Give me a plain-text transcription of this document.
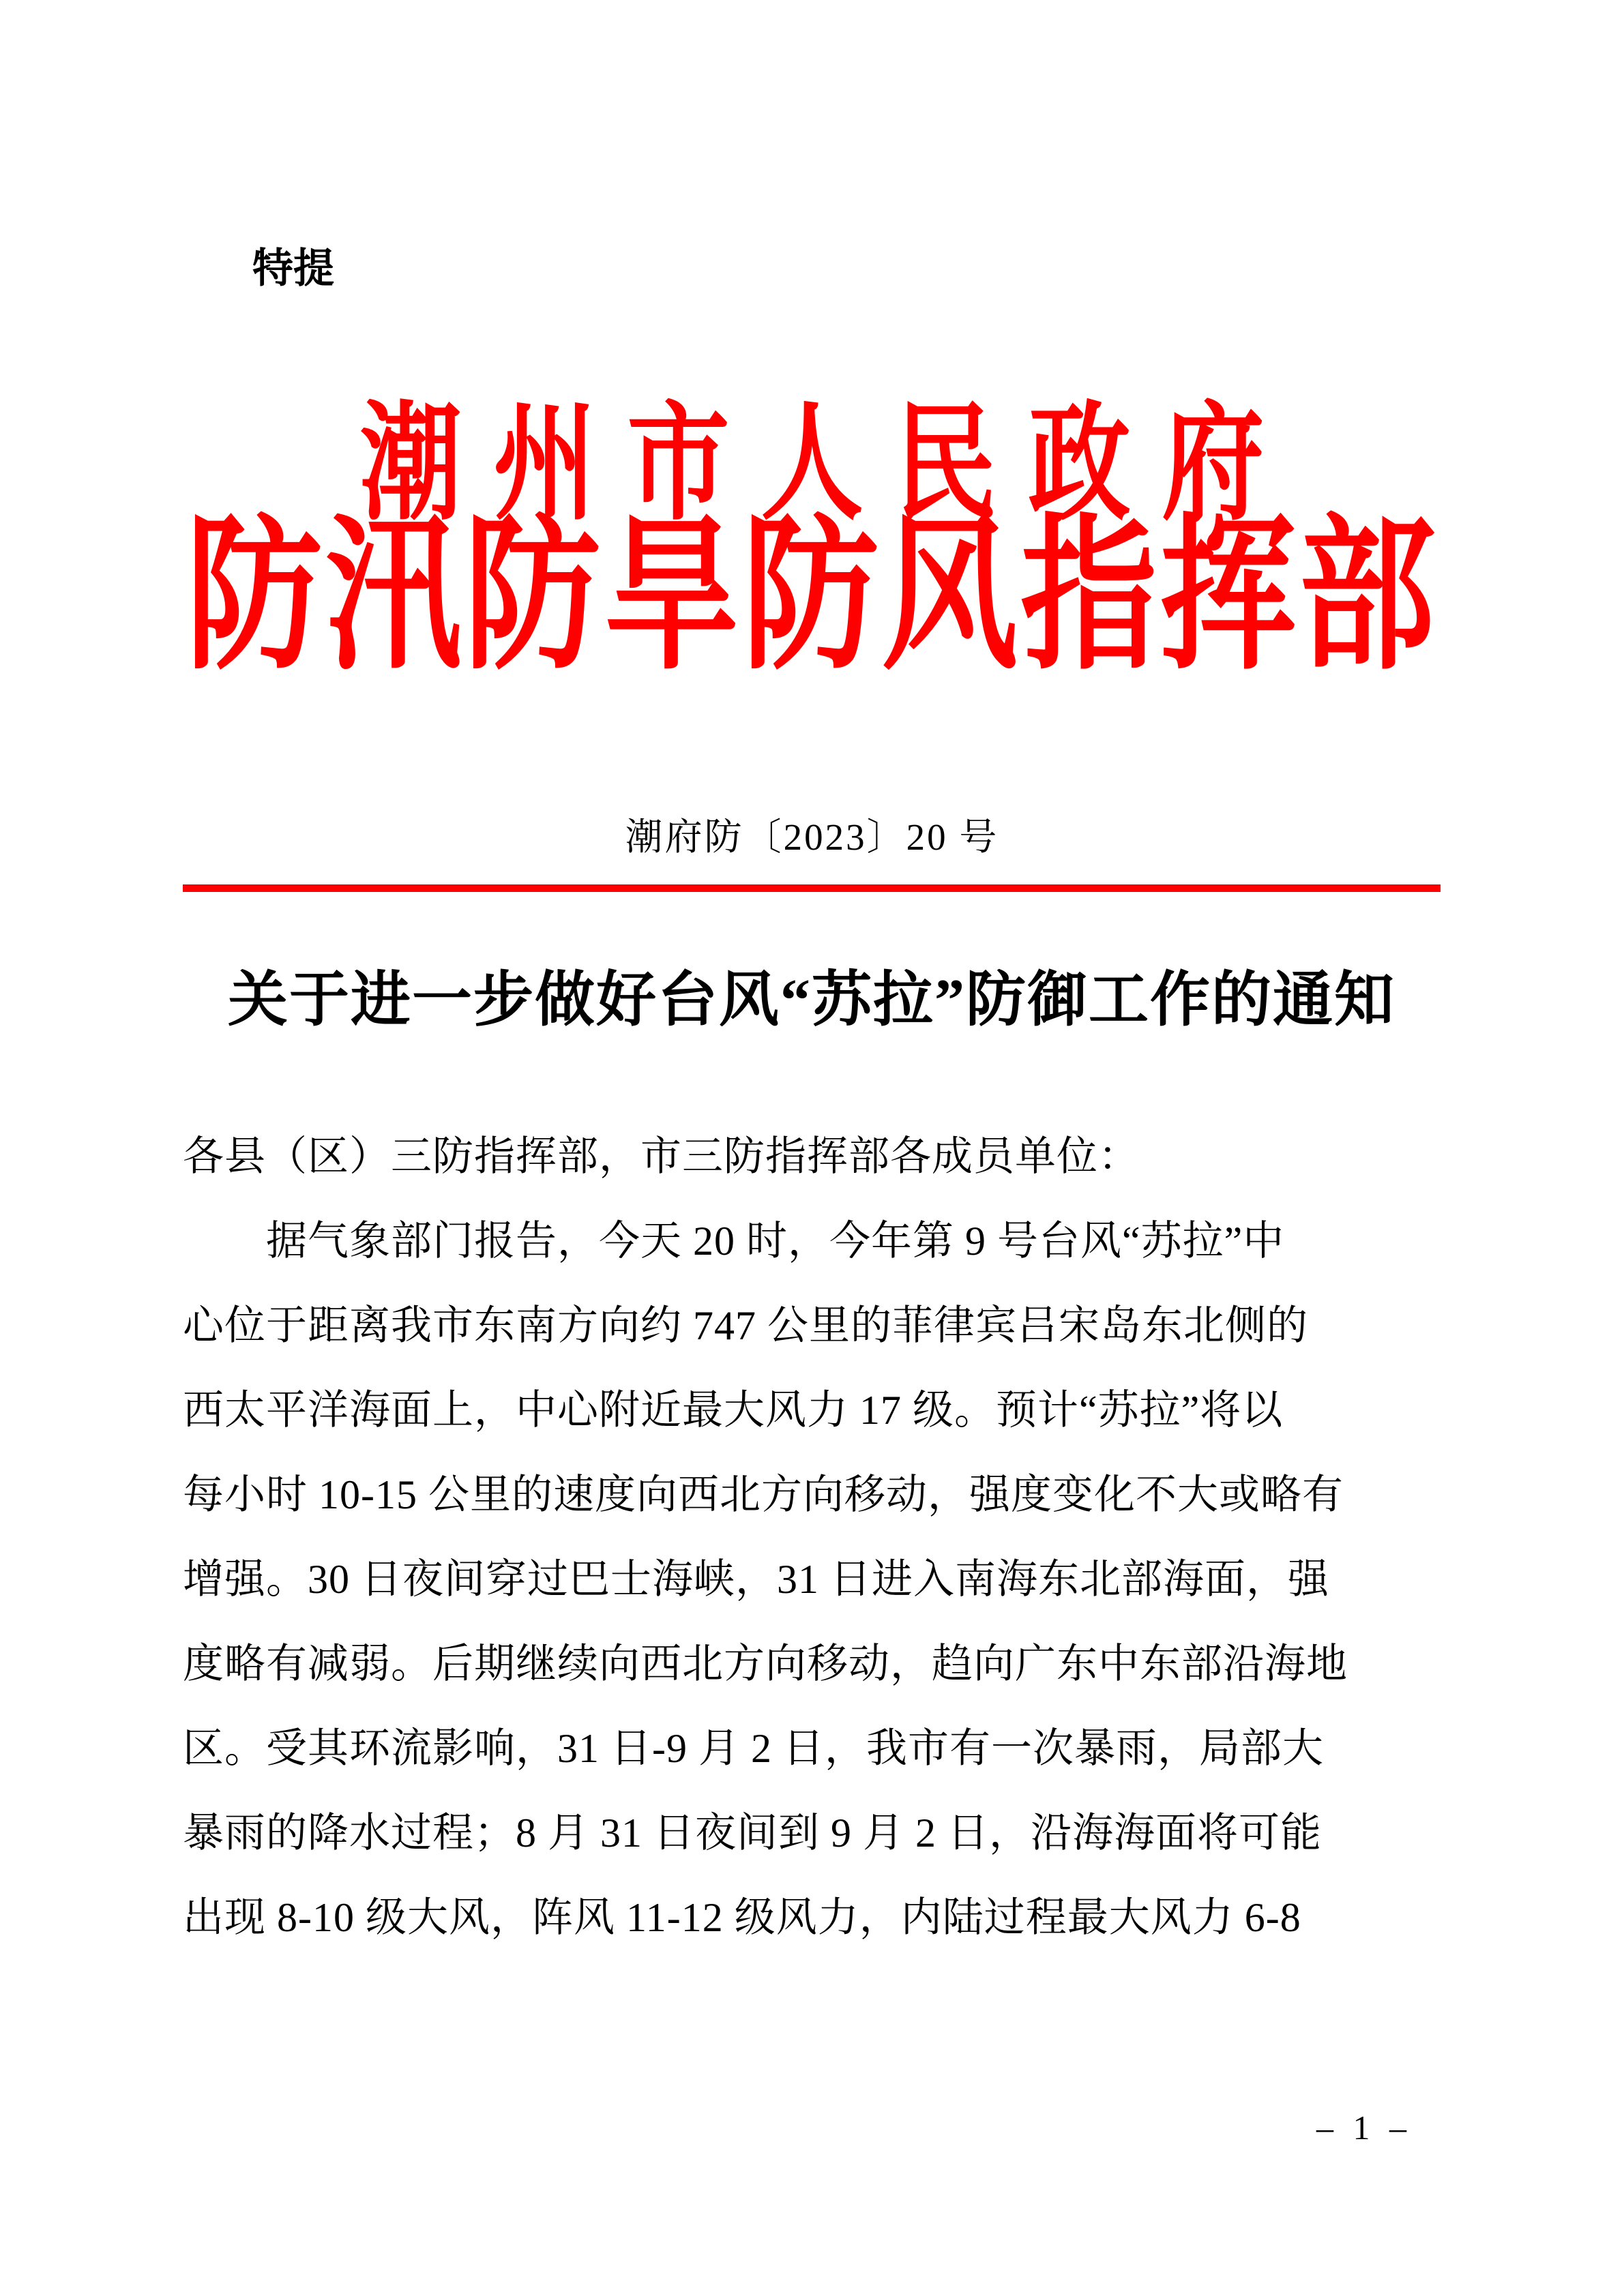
特提
潮州市人民政府
防汛防旱防风指挥部
潮府防〔2023〕20 号
关于进一步做好台风“苏拉”防御工作的通知
各县（区）三防指挥部，市三防指挥部各成员单位：
据气象部门报告，今天 20 时，今年第 9 号台风“苏拉”中
心位于距离我市东南方向约 747 公里的菲律宾吕宋岛东北侧的
西太平洋海面上，中心附近最大风力 17 级。预计“苏拉”将以
每小时 10-15 公里的速度向西北方向移动，强度变化不大或略有
增强。30 日夜间穿过巴士海峡，31 日进入南海东北部海面，强
度略有减弱。后期继续向西北方向移动，趋向广东中东部沿海地
区。受其环流影响，31 日-9 月 2 日，我市有一次暴雨，局部大
暴雨的降水过程；8 月 31 日夜间到 9 月 2 日，沿海海面将可能
出现 8-10 级大风，阵风 11-12 级风力，内陆过程最大风力 6-8
– 1 –
